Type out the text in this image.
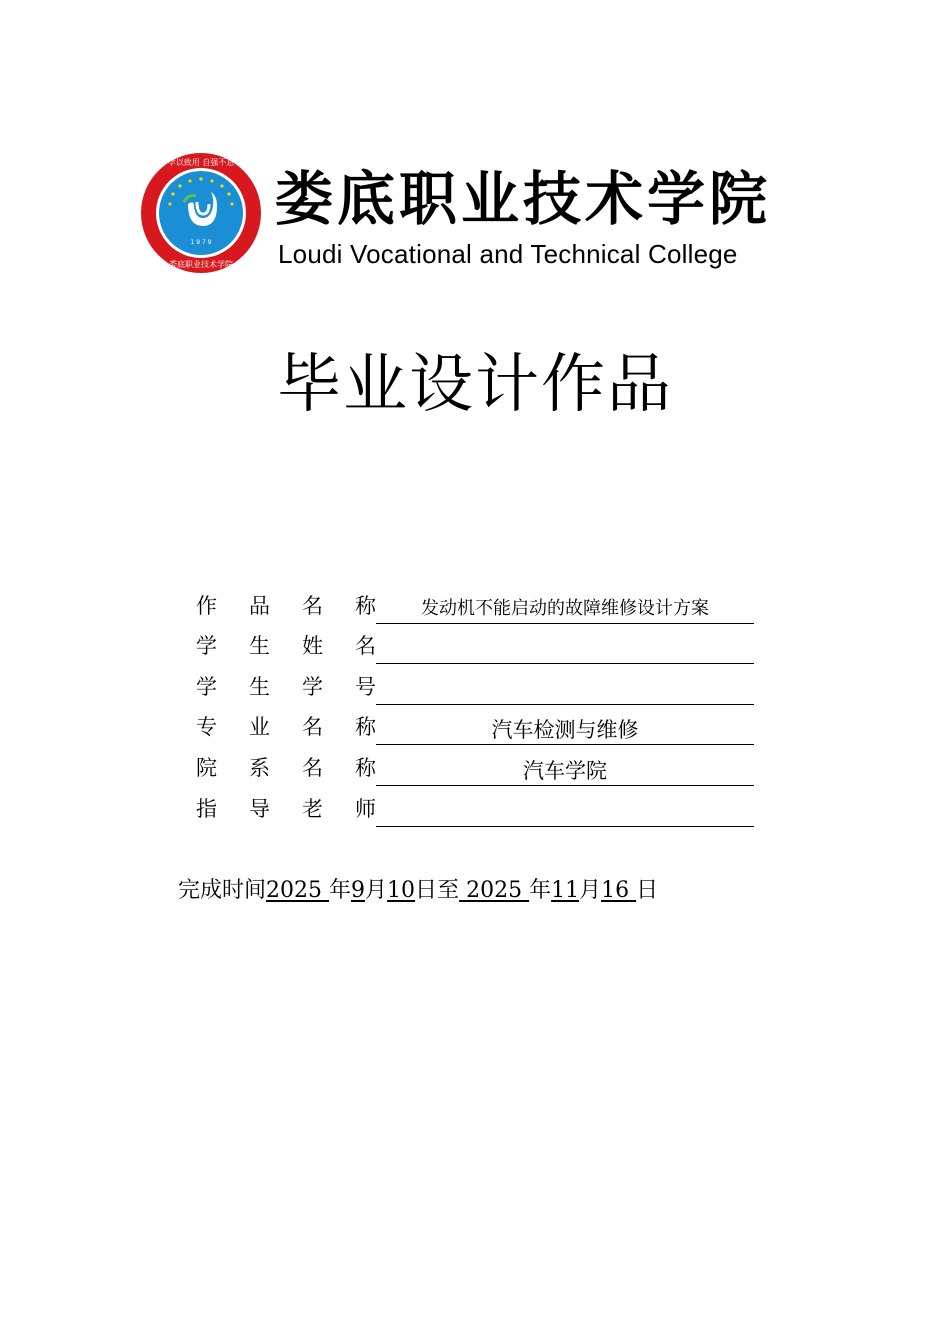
1 9 7 9
学以致用 自强不息
娄底职业技术学院
娄底职业技术学院
Loudi Vocational and Technical College
毕业设计作品
作 品 名 称	发动机不能启动的故障维修设计方案
学 生 姓 名
学 生 学 号
专 业 名 称	汽车检测与维修
院 系 名 称	汽车学院
指 导 老 师
完成时间2025 年9月10日至 2025 年11月16 日
